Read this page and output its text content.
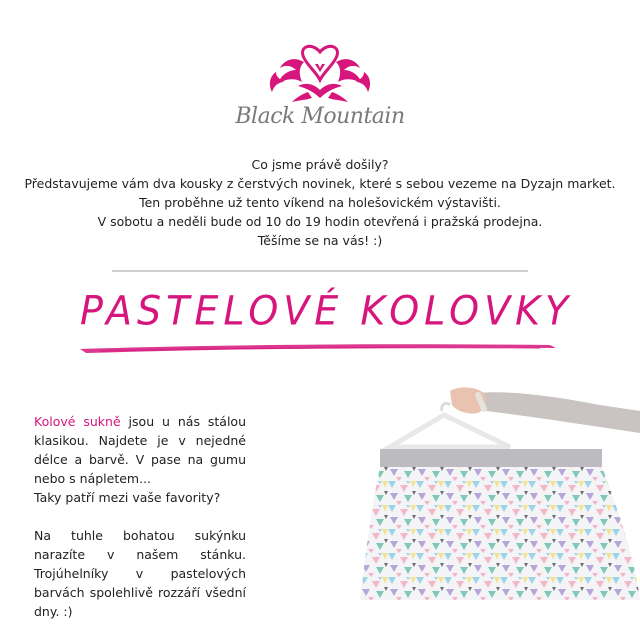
Black Mountain
Co jsme právě došily?
Představujeme vám dva kousky z čerstvých novinek, které s sebou vezeme na Dyzajn market.
Ten proběhne už tento víkend na holešovickém výstavišti.
V sobotu a neděli bude od 10 do 19 hodin otevřená i pražská prodejna.
Těšíme se na vás! :)
PASTELOVÉ KOLOVKY

Kolové sukně jsou u nás stálou klasikou. Najdete je v nejedné délce a barvě. V pase na gumu nebo s nápletem...
Taky patří mezi vaše favority?

Na tuhle bohatou sukýnku narazíte v našem stánku. Trojúhelníky v pastelových barvách spolehlivě rozzáří všední dny. :)
